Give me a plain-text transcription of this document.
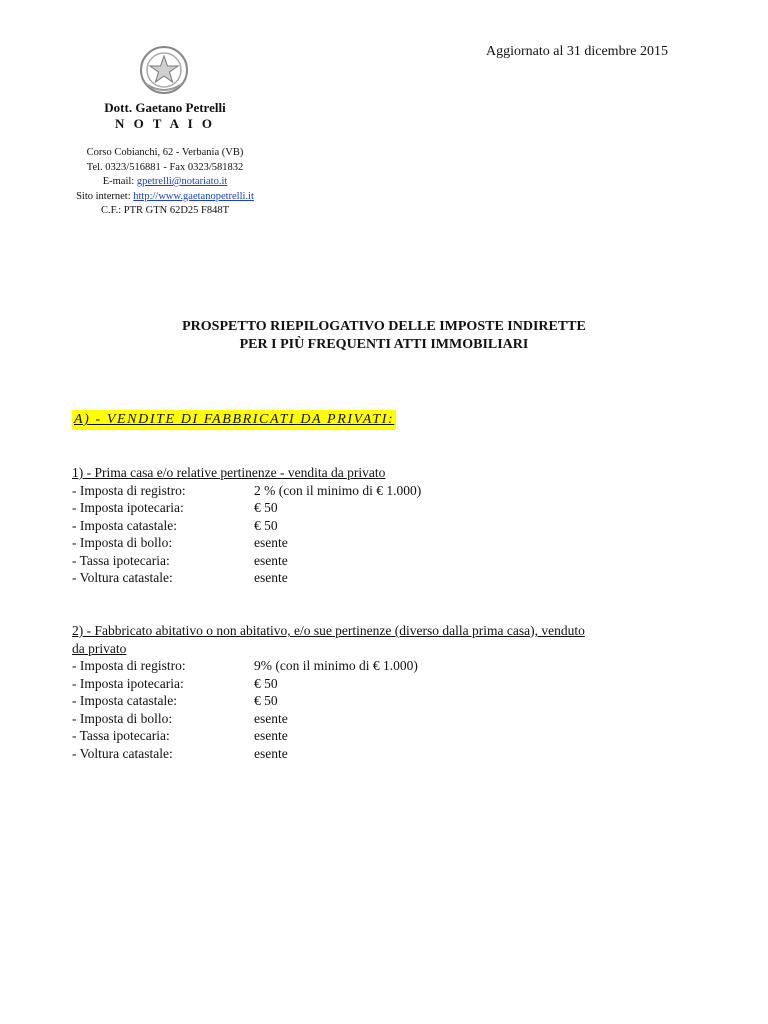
Aggiornato al 31 dicembre 2015

Dott. Gaetano Petrelli

N O T A I O

Corso Cobianchi, 62 - Verbania (VB)

Tel. 0323/516881 - Fax 0323/581832

E-mail: gpetrelli@notariato.it

Sito internet: http://www.gaetanopetrelli.it

C.F.: PTR GTN 62D25 F848T

PROSPETTO RIEPILOGATIVO DELLE IMPOSTE INDIRETTE
PER I PIÙ FREQUENTI ATTI IMMOBILIARI
A) - VENDITE DI FABBRICATI DA PRIVATI:

1) - Prima casa e/o relative pertinenze - vendita da privato

- Imposta di registro:	2 % (con il minimo di € 1.000)
- Imposta ipotecaria:	€ 50
- Imposta catastale:	€ 50
- Imposta di bollo:	esente
- Tassa ipotecaria:	esente
- Voltura catastale:	esente

2) - Fabbricato abitativo o non abitativo, e/o sue pertinenze (diverso dalla prima casa), venduto

da privato

- Imposta di registro:	9% (con il minimo di € 1.000)
- Imposta ipotecaria:	€ 50
- Imposta catastale:	€ 50
- Imposta di bollo:	esente
- Tassa ipotecaria:	esente
- Voltura catastale:	esente
